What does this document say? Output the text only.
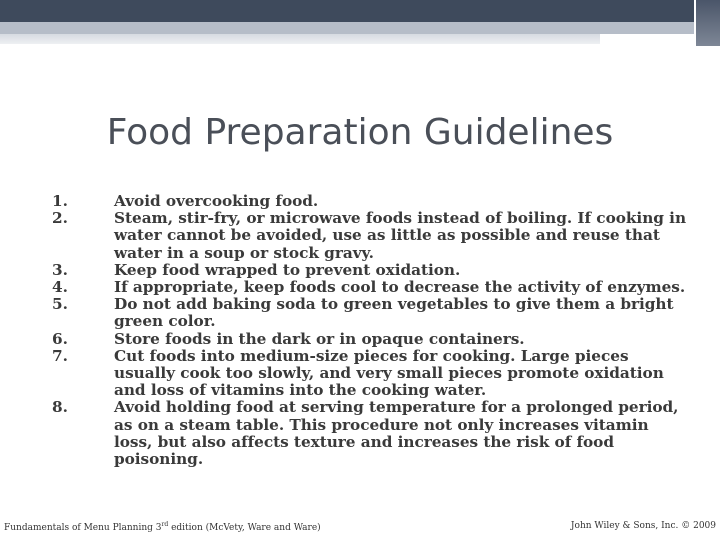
Food Preparation Guidelines
1.	Avoid overcooking food.
2.	Steam, stir-fry, or microwave foods instead of boiling. If cooking in water cannot be avoided, use as little as possible and reuse that water in a soup or stock gravy.
3.	Keep food wrapped to prevent oxidation.
4.	If appropriate, keep foods cool to decrease the activity of enzymes.
5.	Do not add baking soda to green vegetables to give them a bright green color.
6.	Store foods in the dark or in opaque containers.
7.	Cut foods into medium-size pieces for cooking. Large pieces usually cook too slowly, and very small pieces promote oxidation and loss of vitamins into the cooking water.
8.	Avoid holding food at serving temperature for a prolonged period, as on a steam table. This procedure not only increases vitamin loss, but also affects texture and increases the risk of food poisoning.
Fundamentals of Menu Planning 3rd edition (McVety, Ware and Ware)	John Wiley & Sons, Inc. © 2009
